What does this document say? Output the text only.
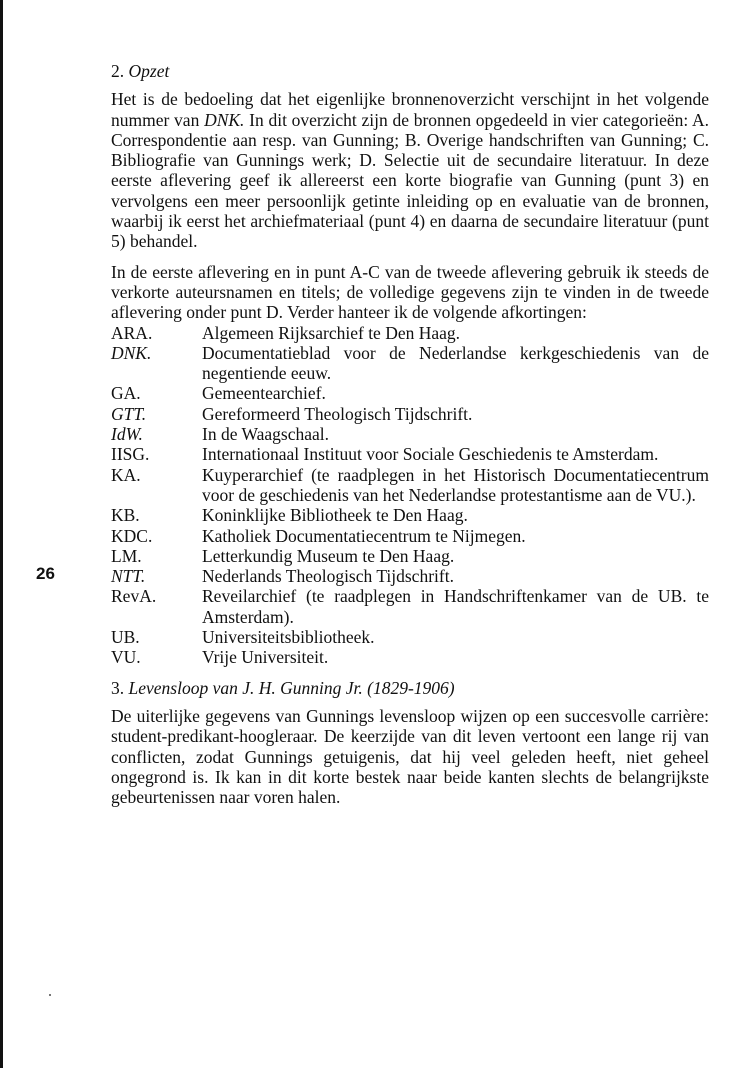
26
2. Opzet

Het is de bedoeling dat het eigenlijke bronnenoverzicht verschijnt in het volgende nummer van DNK. In dit overzicht zijn de bronnen opgedeeld in vier categorieën: A. Correspondentie aan resp. van Gunning; B. Overige handschriften van Gunning; C. Bibliografie van Gunnings werk; D. Selectie uit de secundaire literatuur. In deze eerste aflevering geef ik allereerst een korte biografie van Gunning (punt 3) en vervolgens een meer persoonlijk getinte inleiding op en evaluatie van de bronnen, waarbij ik eerst het archiefmateriaal (punt 4) en daarna de secundaire literatuur (punt 5) behandel.

In de eerste aflevering en in punt A-C van de tweede aflevering gebruik ik steeds de verkorte auteursnamen en titels; de volledige gegevens zijn te vinden in de tweede aflevering onder punt D. Verder hanteer ik de volgende afkortingen:

ARA.	Algemeen Rijksarchief te Den Haag.
DNK.	Documentatieblad voor de Nederlandse kerkgeschiedenis van de negentiende eeuw.
GA.	Gemeentearchief.
GTT.	Gereformeerd Theologisch Tijdschrift.
IdW.	In de Waagschaal.
IISG.	Internationaal Instituut voor Sociale Geschiedenis te Amsterdam.
KA.	Kuyperarchief (te raadplegen in het Historisch Documentatiecentrum voor de geschiedenis van het Nederlandse protestantisme aan de VU.).
KB.	Koninklijke Bibliotheek te Den Haag.
KDC.	Katholiek Documentatiecentrum te Nijmegen.
LM.	Letterkundig Museum te Den Haag.
NTT.	Nederlands Theologisch Tijdschrift.
RevA.	Reveilarchief (te raadplegen in Handschriftenkamer van de UB. te Amsterdam).
UB.	Universiteitsbibliotheek.
VU.	Vrije Universiteit.
3. Levensloop van J. H. Gunning Jr. (1829-1906)

De uiterlijke gegevens van Gunnings levensloop wijzen op een succesvolle carrière: student-predikant-hoogleraar. De keerzijde van dit leven vertoont een lange rij van conflicten, zodat Gunnings getuigenis, dat hij veel geleden heeft, niet geheel ongegrond is. Ik kan in dit korte bestek naar beide kanten slechts de belangrijkste gebeurtenissen naar voren halen.
